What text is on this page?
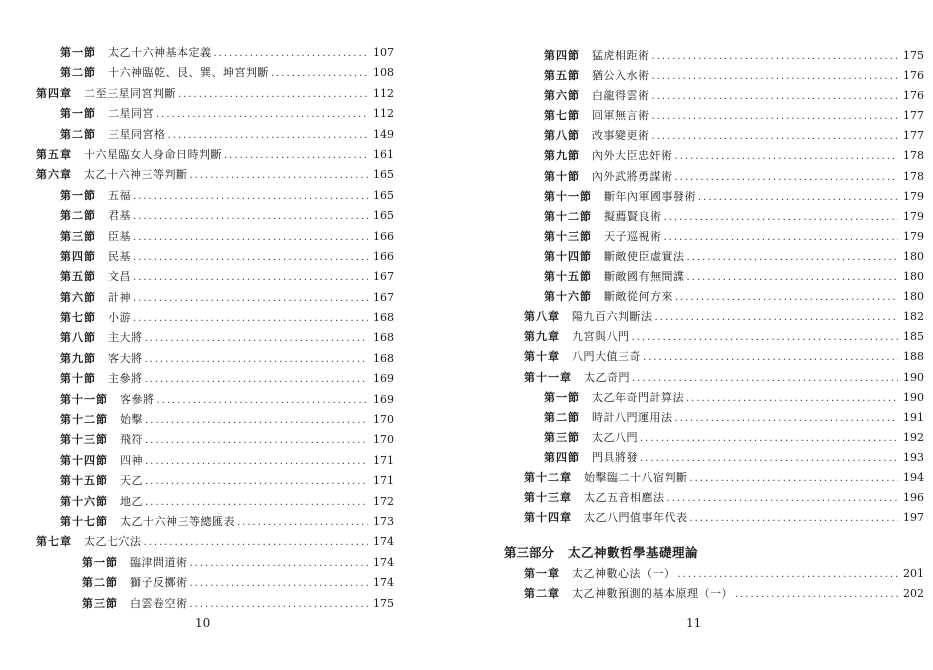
第一節 太乙十六神基本定義 .....	107
第二節 十六神臨乾、艮、巽、坤宮判斷 .....	108
第四章 二至三星同宮判斷 .....	112
第一節 二星同宮 .....	112
第二節 三星同宮格 .....	149
第五章 十六星臨女人身命日時判斷 .....	161
第六章 太乙十六神三等判斷 .....	165
第一節 五福 .....	165
第二節 君基 .....	165
第三節 臣基 .....	166
第四節 民基 .....	166
第五節 文昌 .....	167
第六節 計神 .....	167
第七節 小游 .....	168
第八節 主大將 .....	168
第九節 客大將 .....	168
第十節 主參將 .....	169
第十一節 客參將 .....	169
第十二節 始擊 .....	170
第十三節 飛符 .....	170
第十四節 四神 .....	171
第十五節 天乙 .....	171
第十六節 地乙 .....	172
第十七節 太乙十六神三等總匯表 .....	173
第七章 太乙七穴法 .....	174
第一節 臨津問道術 .....	174
第二節 獅子反擲術 .....	174
第三節 白雲卷空術 .....	175
10
第四節 猛虎相距術 .....	175
第五節 猶公入水術 .....	176
第六節 白龍得雲術 .....	176
第七節 回軍無言術 .....	177
第八節 改事變更術 .....	177
第九節 內外大臣忠奸術 .....	178
第十節 內外武將勇謀術 .....	178
第十一節 斷年內軍國事發術 .....	179
第十二節 擬薦賢良術 .....	179
第十三節 天子巡視術 .....	179
第十四節 斷敵使臣虛實法 .....	180
第十五節 斷敵國有無間諜 .....	180
第十六節 斷敵從何方來 .....	180
第八章 陽九百六判斷法 .....	182
第九章 九宮與八門 .....	185
第十章 八門大值三奇 .....	188
第十一章 太乙奇門 .....	190
第一節 太乙年奇門計算法 .....	190
第二節 時計八門運用法 .....	191
第三節 太乙八門 .....	192
第四節 門具將發 .....	193
第十二章 始擊臨二十八宿判斷 .....	194
第十三章 太乙五音相應法 .....	196
第十四章 太乙八門值事年代表 .....	197
第三部分 太乙神數哲學基礎理論
第一章 太乙神數心法（一） .....	201
第二章 太乙神數預測的基本原理（一） .....	202
11
